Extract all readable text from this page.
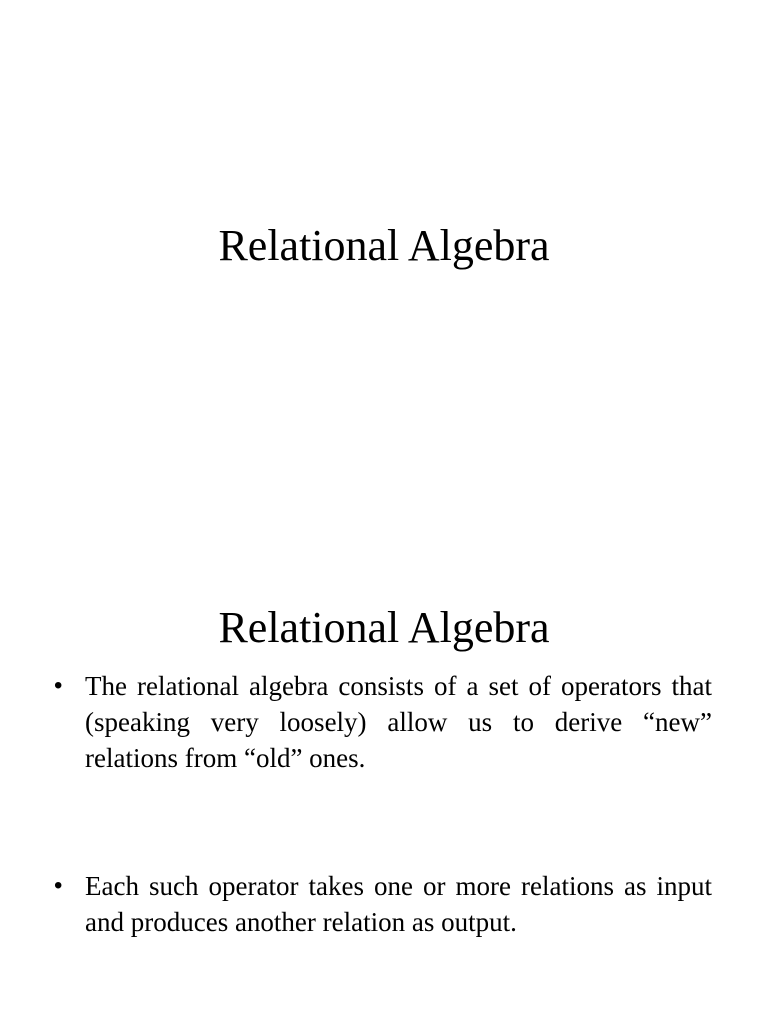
Relational Algebra
Relational Algebra
• The relational algebra consists of a set of operators that (speaking very loosely) allow us to derive “new” relations from “old” ones.
• Each such operator takes one or more relations as input and produces another relation as output.
